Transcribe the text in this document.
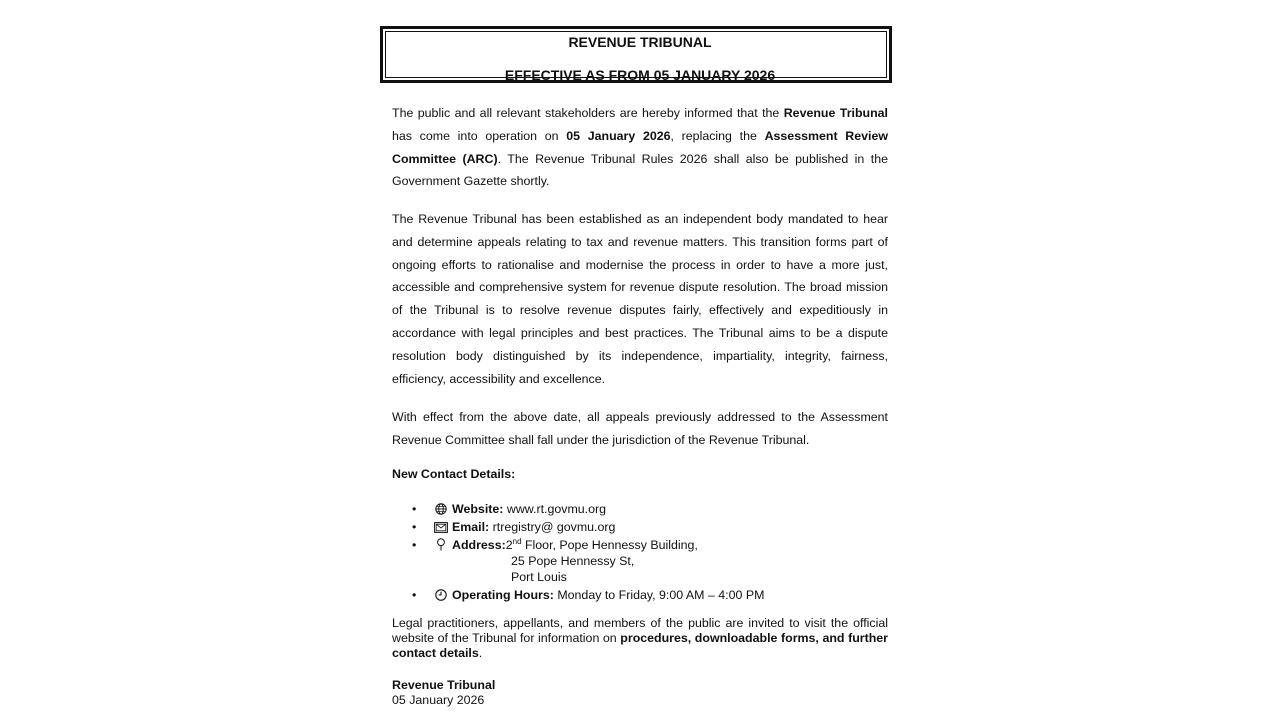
REVENUE TRIBUNAL
EFFECTIVE AS FROM 05 JANUARY 2026
The public and all relevant stakeholders are hereby informed that the Revenue Tribunal has come into operation on 05 January 2026, replacing the Assessment Review Committee (ARC). The Revenue Tribunal Rules 2026 shall also be published in the Government Gazette shortly.
The Revenue Tribunal has been established as an independent body mandated to hear and determine appeals relating to tax and revenue matters. This transition forms part of ongoing efforts to rationalise and modernise the process in order to have a more just, accessible and comprehensive system for revenue dispute resolution. The broad mission of the Tribunal is to resolve revenue disputes fairly, effectively and expeditiously in accordance with legal principles and best practices. The Tribunal aims to be a dispute resolution body distinguished by its independence, impartiality, integrity, fairness, efficiency, accessibility and excellence.
With effect from the above date, all appeals previously addressed to the Assessment Revenue Committee shall fall under the jurisdiction of the Revenue Tribunal.
New Contact Details:
•	Website: www.rt.govmu.org
•	Email: rtregistry@ govmu.org
•	Address:2nd Floor, Pope Hennessy Building,
25 Pope Hennessy St,
Port Louis
•	Operating Hours: Monday to Friday, 9:00 AM – 4:00 PM
Legal practitioners, appellants, and members of the public are invited to visit the official website of the Tribunal for information on procedures, downloadable forms, and further contact details.
Revenue Tribunal
05 January 2026
